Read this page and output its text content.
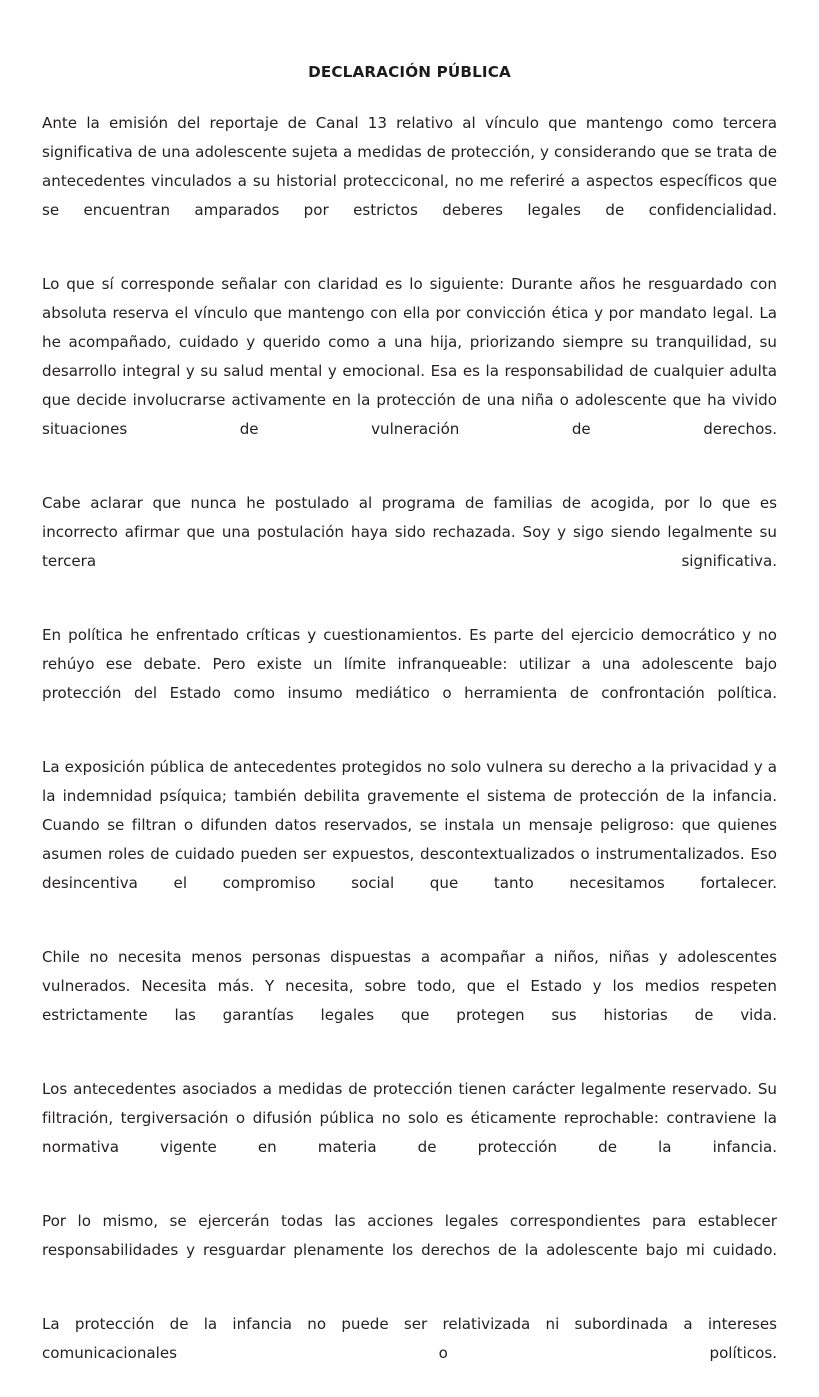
DECLARACIÓN PÚBLICA

Ante la emisión del reportaje de Canal 13 relativo al vínculo que mantengo como tercera significativa de una adolescente sujeta a medidas de protección, y considerando que se trata de antecedentes vinculados a su historial protecciconal, no me referiré a aspectos específicos que se encuentran amparados por estrictos deberes legales de confidencialidad.

Lo que sí corresponde señalar con claridad es lo siguiente: Durante años he resguardado con absoluta reserva el vínculo que mantengo con ella por convicción ética y por mandato legal. La he acompañado, cuidado y querido como a una hija, priorizando siempre su tranquilidad, su desarrollo integral y su salud mental y emocional. Esa es la responsabilidad de cualquier adulta que decide involucrarse activamente en la protección de una niña o adolescente que ha vivido situaciones de vulneración de derechos.

Cabe aclarar que nunca he postulado al programa de familias de acogida, por lo que es incorrecto afirmar que una postulación haya sido rechazada. Soy y sigo siendo legalmente su tercera significativa.

En política he enfrentado críticas y cuestionamientos. Es parte del ejercicio democrático y no rehúyo ese debate. Pero existe un límite infranqueable: utilizar a una adolescente bajo protección del Estado como insumo mediático o herramienta de confrontación política.

La exposición pública de antecedentes protegidos no solo vulnera su derecho a la privacidad y a la indemnidad psíquica; también debilita gravemente el sistema de protección de la infancia. Cuando se filtran o difunden datos reservados, se instala un mensaje peligroso: que quienes asumen roles de cuidado pueden ser expuestos, descontextualizados o instrumentalizados. Eso desincentiva el compromiso social que tanto necesitamos fortalecer.

Chile no necesita menos personas dispuestas a acompañar a niños, niñas y adolescentes vulnerados. Necesita más. Y necesita, sobre todo, que el Estado y los medios respeten estrictamente las garantías legales que protegen sus historias de vida.

Los antecedentes asociados a medidas de protección tienen carácter legalmente reservado. Su filtración, tergiversación o difusión pública no solo es éticamente reprochable: contraviene la normativa vigente en materia de protección de la infancia.

Por lo mismo, se ejercerán todas las acciones legales correspondientes para establecer responsabilidades y resguardar plenamente los derechos de la adolescente bajo mi cuidado.

La protección de la infancia no puede ser relativizada ni subordinada a intereses comunicacionales o políticos.
